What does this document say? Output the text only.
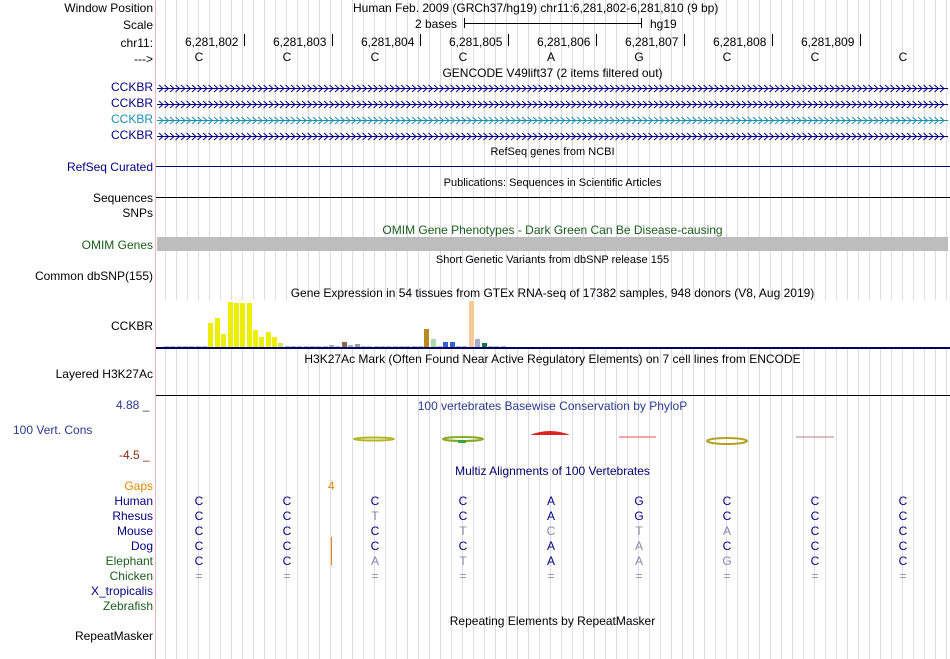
Window Position	Human Feb. 2009 (GRCh37/hg19) chr11:6,281,802-6,281,810 (9 bp)
Scale	2 bases	hg19
chr11:
--->
GENCODE V49lift37 (2 items filtered out)
RefSeq genes from NCBI
RefSeq Curated
Publications: Sequences in Scientific Articles
Sequences
SNPs
OMIM Gene Phenotypes - Dark Green Can Be Disease-causing
OMIM Genes
Short Genetic Variants from dbSNP release 155
Common dbSNP(155)
Gene Expression in 54 tissues from GTEx RNA-seq of 17382 samples, 948 donors (V8, Aug 2019)
CCKBR
H3K27Ac Mark (Often Found Near Active Regulatory Elements) on 7 cell lines from ENCODE
Layered H3K27Ac
100 vertebrates Basewise Conservation by PhyloP
4.88 _
100 Vert. Cons
-4.5 _
Multiz Alignments of 100 Vertebrates
Gaps	4
Repeating Elements by RepeatMasker
RepeatMasker
6,281,802	6,281,803	6,281,804	6,281,805	6,281,806	6,281,807	6,281,808	6,281,809
C	C	C	C	A	G	C	C	C
CCKBR
CCKBR
CCKBR
CCKBR
Human	C	C	C	C	A	G	C	C	C
Rhesus	C	C	T	C	A	G	C	C	C
Mouse	C	C	C	T	C	T	A	C	C
Dog	C	C	C	C	A	A	C	C	C
Elephant	C	C	A	T	A	A	G	C	C
Chicken	=	=	=	=	=	=	=	=	=
X_tropicalis
Zebrafish
